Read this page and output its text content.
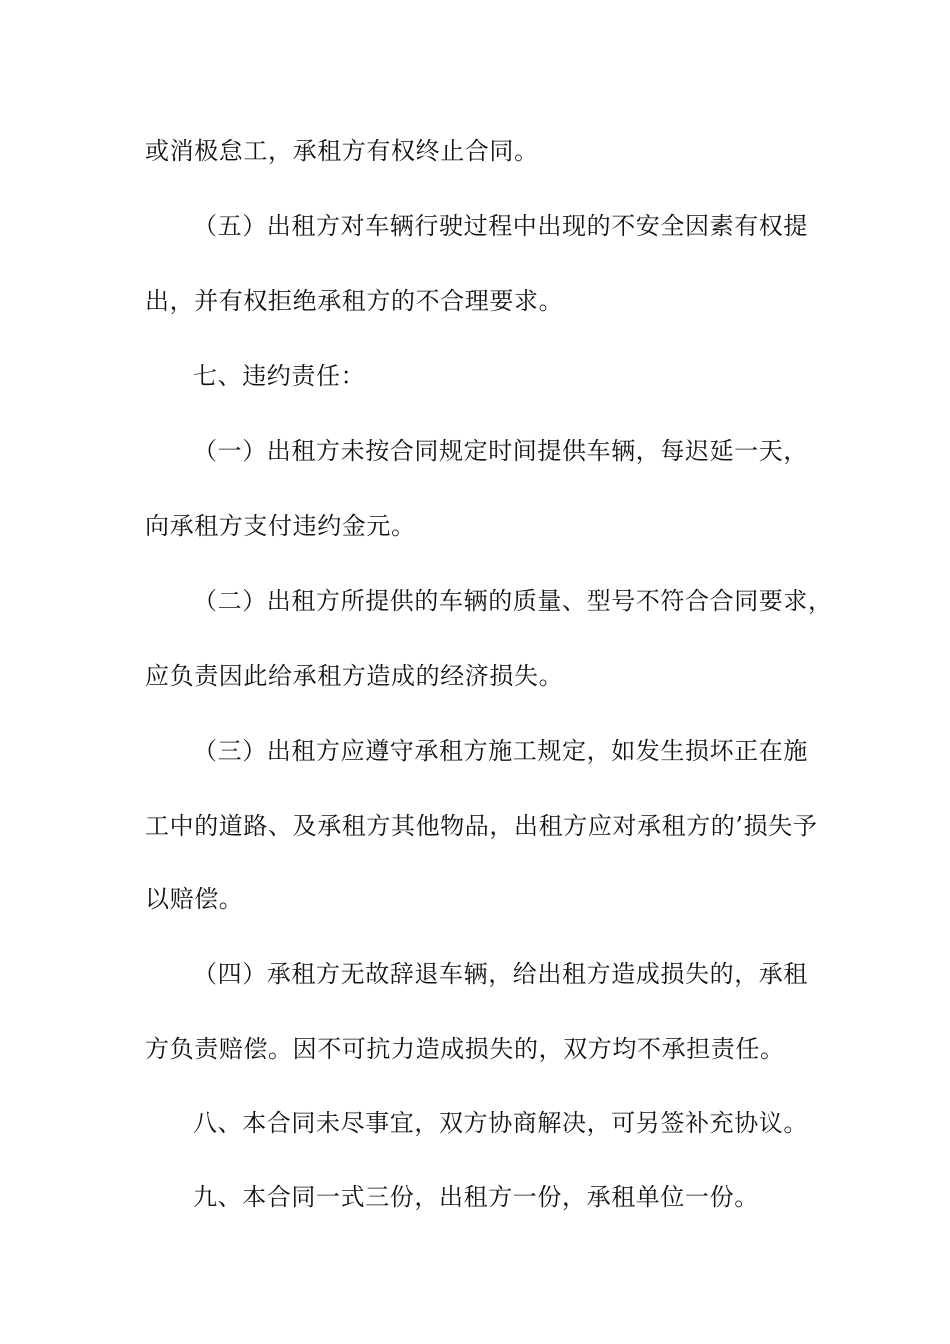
或消极怠工，承租方有权终止合同。
（五）出租方对车辆行驶过程中出现的不安全因素有权提
出，并有权拒绝承租方的不合理要求。
七、违约责任：
（一）出租方未按合同规定时间提供车辆，每迟延一天，
向承租方支付违约金元。
（二）出租方所提供的车辆的质量、型号不符合合同要求，
应负责因此给承租方造成的经济损失。
（三）出租方应遵守承租方施工规定，如发生损坏正在施
工中的道路、及承租方其他物品，出租方应对承租方的’损失予
以赔偿。
（四）承租方无故辞退车辆，给出租方造成损失的，承租
方负责赔偿。因不可抗力造成损失的，双方均不承担责任。
八、本合同未尽事宜，双方协商解决，可另签补充协议。
九、本合同一式三份，出租方一份，承租单位一份。
